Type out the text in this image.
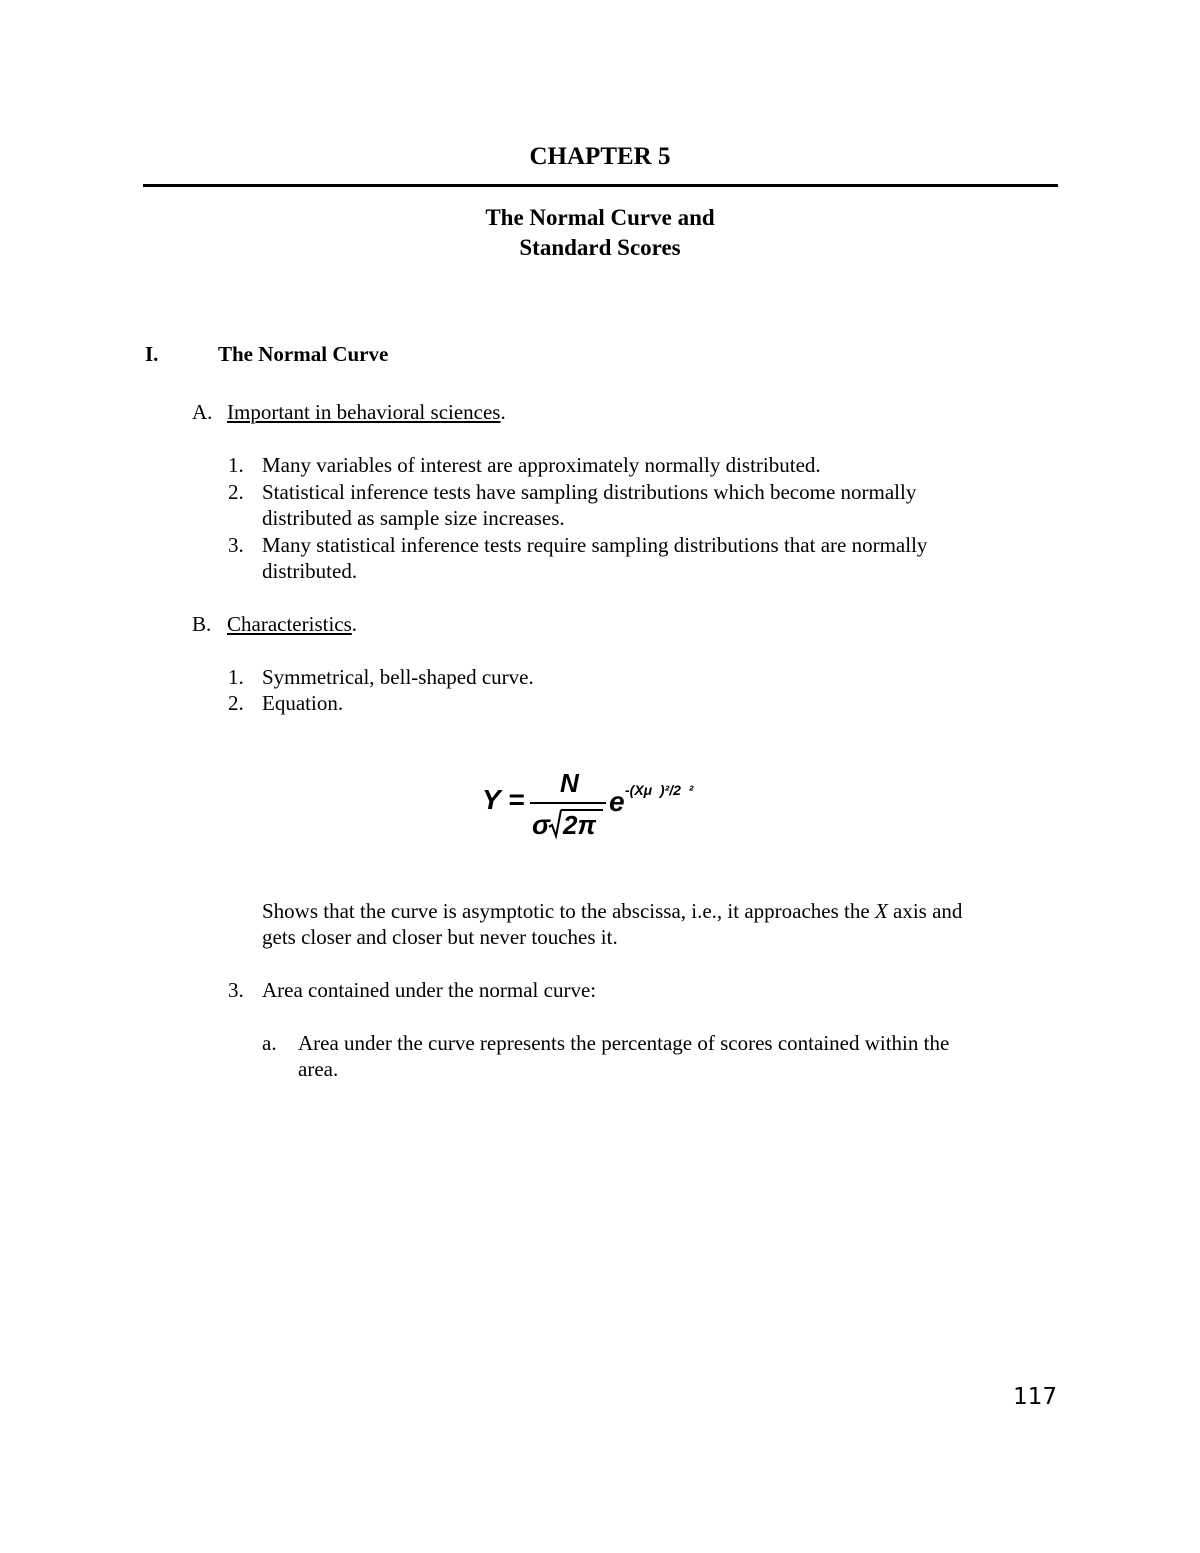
CHAPTER 5
The Normal Curve and
Standard Scores
I.	The Normal Curve
A. Important in behavioral sciences.
1. Many variables of interest are approximately normally distributed.
2. Statistical inference tests have sampling distributions which become normally
distributed as sample size increases.
3. Many statistical inference tests require sampling distributions that are normally
distributed.
B. Characteristics.
1. Symmetrical, bell-shaped curve.
2. Equation.
Y =
N
σ 2π
e -(Xμ  )²/2  ²
Shows that the curve is asymptotic to the abscissa, i.e., it approaches the X axis and
gets closer and closer but never touches it.
3. Area contained under the normal curve:
a. Area under the curve represents the percentage of scores contained within the
area.
117
